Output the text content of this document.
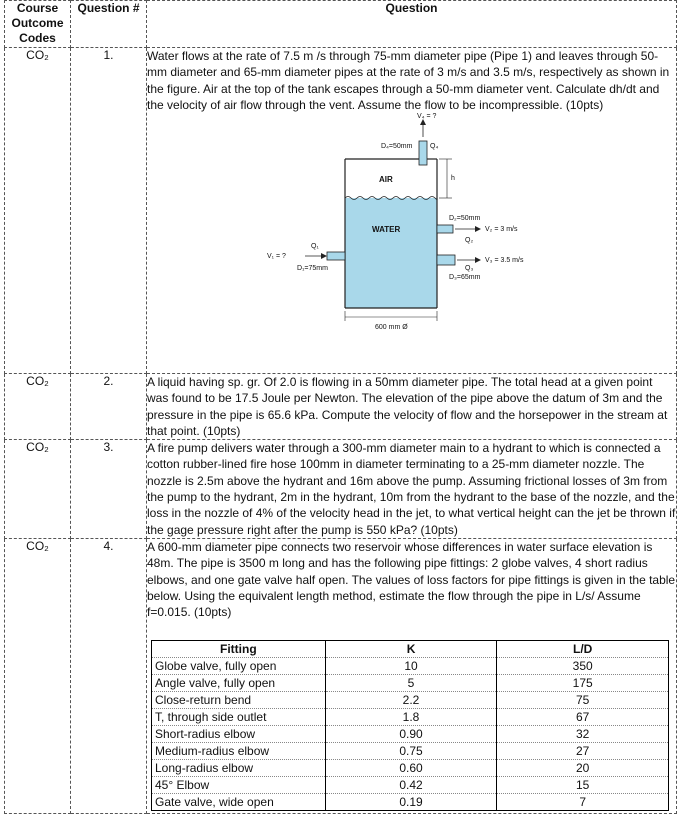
Course Outcome Codes	Question #	Question
CO₂	1.	Water flows at the rate of 7.5 m /s through 75-mm diameter pipe (Pipe 1) and leaves through 50-mm diameter and 65-mm diameter pipes at the rate of 3 m/s and 3.5 m/s, respectively as shown in the figure. Air at the top of the tank escapes through a 50-mm diameter vent. Calculate dh/dt and the velocity of air flow through the vent. Assume the flow to be incompressible. (10pts)

V₄ = ?
D₄=50mm	Q₄
h
AIR
WATER
D₂=50mm
V₂ = 3 m/s
Q₂
V₃ = 3.5 m/s
Q₃
D₃=65mm
Q₁
V₁ = ?
D₁=75mm
600 mm Ø

CO₂	2.	A liquid having sp. gr. Of 2.0 is flowing in a 50mm diameter pipe. The total head at a given point was found to be 17.5 Joule per Newton. The elevation of the pipe above the datum of 3m and the pressure in the pipe is 65.6 kPa. Compute the velocity of flow and the horsepower in the stream at that point. (10pts)
CO₂	3.	A fire pump delivers water through a 300-mm diameter main to a hydrant to which is connected a cotton rubber-lined fire hose 100mm in diameter terminating to a 25-mm diameter nozzle. The nozzle is 2.5m above the hydrant and 16m above the pump. Assuming frictional losses of 3m from the pump to the hydrant, 2m in the hydrant, 10m from the hydrant to the base of the nozzle, and the loss in the nozzle of 4% of the velocity head in the jet, to what vertical height can the jet be thrown if the gage pressure right after the pump is 550 kPa? (10pts)
CO₂	4.	A 600-mm diameter pipe connects two reservoir whose differences in water surface elevation is 48m. The pipe is 3500 m long and has the following pipe fittings: 2 globe valves, 4 short radius elbows, and one gate valve half open. The values of loss factors for pipe fittings is given in the table below. Using the equivalent length method, estimate the flow through the pipe in L/s/ Assume f=0.015. (10pts)

Fitting	K	L/D
Globe valve, fully open	10	350
Angle valve, fully open	5	175
Close-return bend	2.2	75
T, through side outlet	1.8	67
Short-radius elbow	0.90	32
Medium-radius elbow	0.75	27
Long-radius elbow	0.60	20
45° Elbow	0.42	15
Gate valve, wide open	0.19	7
